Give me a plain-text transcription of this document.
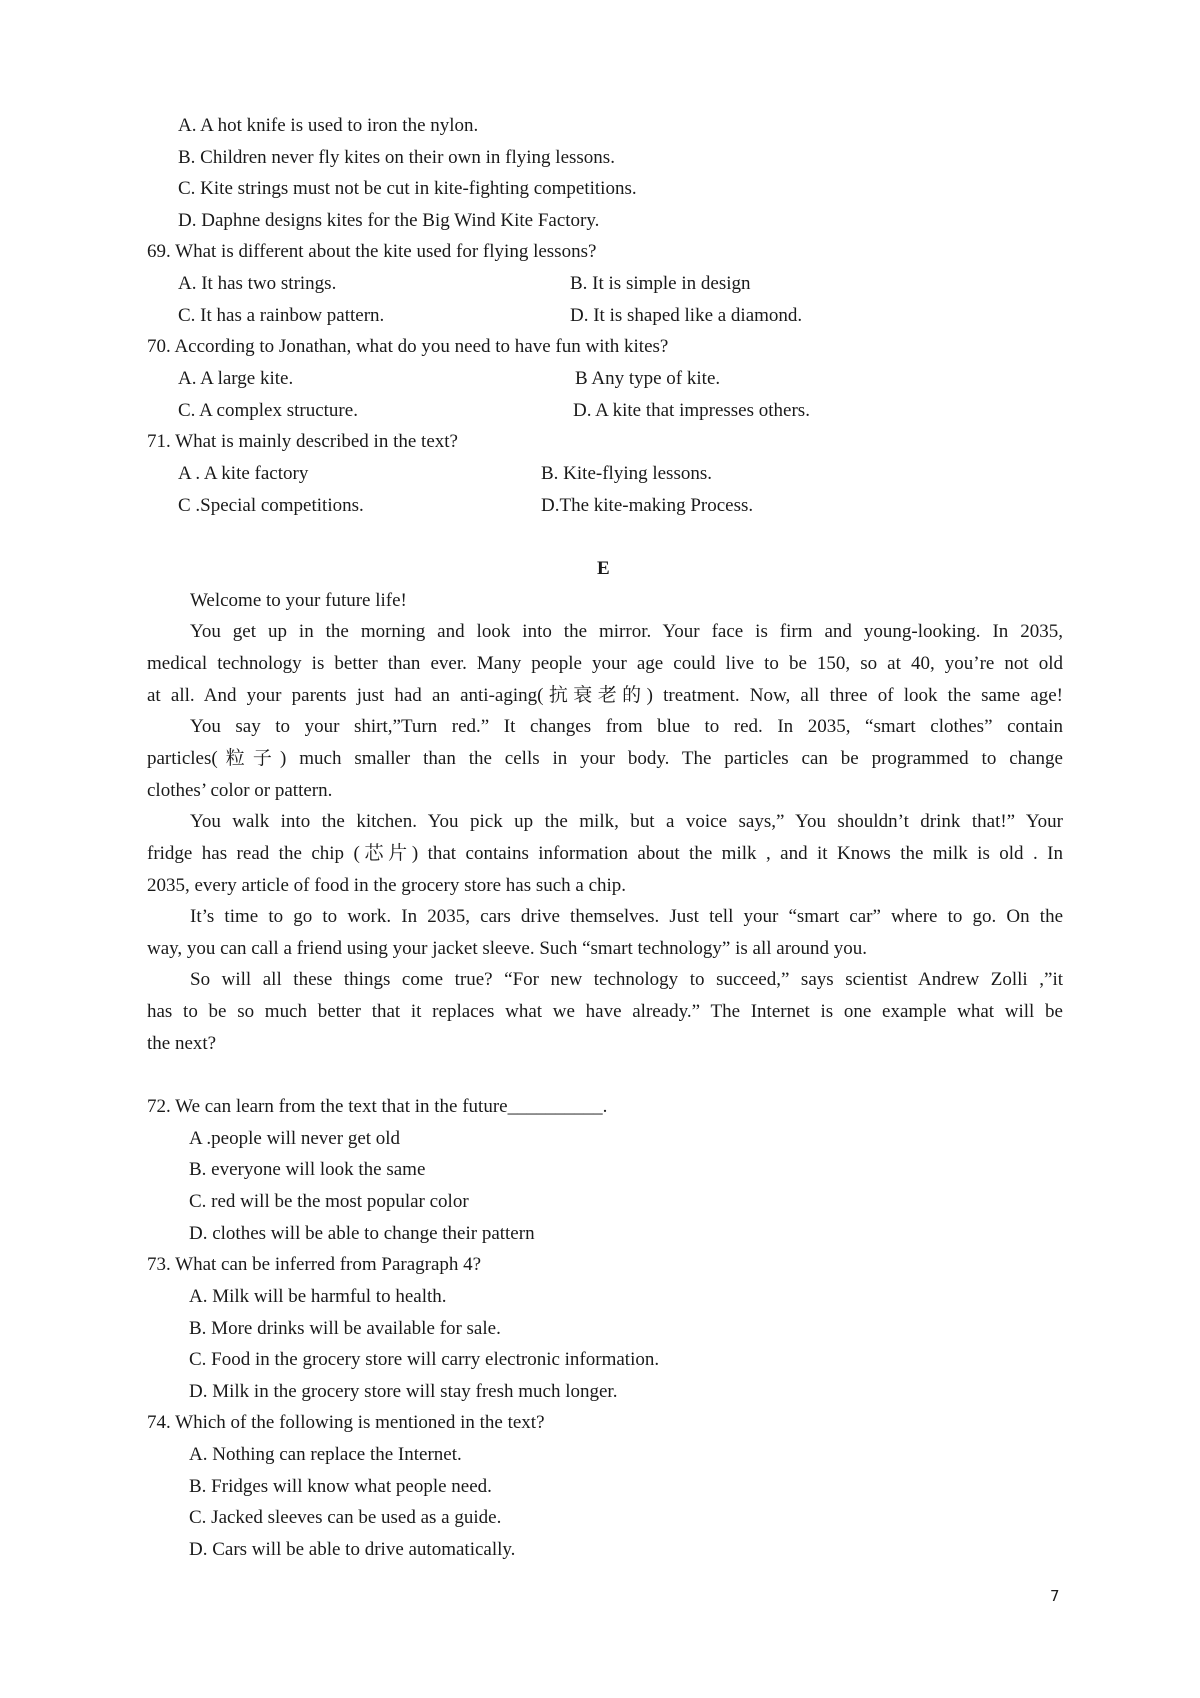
A. A hot knife is used to iron the nylon.
B. Children never fly kites on their own in flying lessons.
C. Kite strings must not be cut in kite-fighting competitions.
D. Daphne designs kites for the Big Wind Kite Factory.
69. What is different about the kite used for flying lessons?
A. It has two strings.	B. It is simple in design
C. It has a rainbow pattern.	D. It is shaped like a diamond.
70. According to Jonathan, what do you need to have fun with kites?
A. A large kite.	B Any type of kite.
C. A complex structure.	D. A kite that impresses others.
71. What is mainly described in the text?
A . A kite factory	B. Kite-flying lessons.
C .Special competitions.	D.The kite-making Process.
E
Welcome to your future life!
You get up in the morning and look into the mirror. Your face is firm and young-looking. In 2035,
medical technology is better than ever. Many people your age could live to be 150, so at 40, you’re not old
at all. And your parents just had an anti-aging(抗衰老的) treatment. Now, all three of look the same age!
You say to your shirt,”Turn red.” It changes from blue to red. In 2035, “smart clothes” contain
particles(粒子) much smaller than the cells in your body. The particles can be programmed to change
clothes’ color or pattern.
You walk into the kitchen. You pick up the milk, but a voice says,” You shouldn’t drink that!” Your
fridge has read the chip (芯片) that contains information about the milk , and it Knows the milk is old . In
2035, every article of food in the grocery store has such a chip.
It’s time to go to work. In 2035, cars drive themselves. Just tell your “smart car” where to go. On the
way, you can call a friend using your jacket sleeve. Such “smart technology” is all around you.
So will all these things come true? “For new technology to succeed,” says scientist Andrew Zolli ,”it
has to be so much better that it replaces what we have already.” The Internet is one example what will be
the next?
72. We can learn from the text that in the future__________.
A .people will never get old
B. everyone will look the same
C. red will be the most popular color
D. clothes will be able to change their pattern
73. What can be inferred from Paragraph 4?
A. Milk will be harmful to health.
B. More drinks will be available for sale.
C. Food in the grocery store will carry electronic information.
D. Milk in the grocery store will stay fresh much longer.
74. Which of the following is mentioned in the text?
A. Nothing can replace the Internet.
B. Fridges will know what people need.
C. Jacked sleeves can be used as a guide.
D. Cars will be able to drive automatically.
7
